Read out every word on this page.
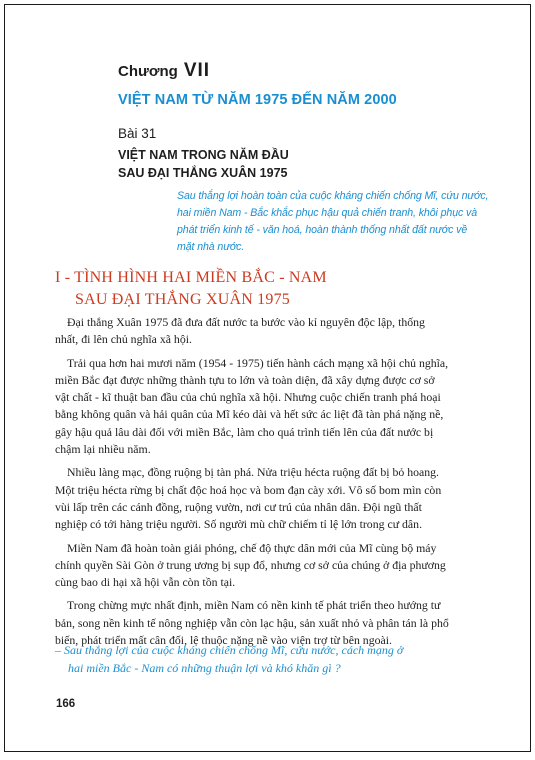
Chương VII
VIỆT NAM TỪ NĂM 1975 ĐẾN NĂM 2000
Bài 31
VIỆT NAM TRONG NĂM ĐẦU
SAU ĐẠI THẮNG XUÂN 1975
Sau thắng lợi hoàn toàn của cuộc kháng chiến chống Mĩ, cứu nước,
hai miền Nam - Bắc khắc phục hậu quả chiến tranh, khôi phục và
phát triển kinh tế - văn hoá, hoàn thành thống nhất đất nước về
mặt nhà nước.
I - TÌNH HÌNH HAI MIỀN BẮC - NAM
SAU ĐẠI THẮNG XUÂN 1975
Đại thắng Xuân 1975 đã đưa đất nước ta bước vào kỉ nguyên độc lập, thống
nhất, đi lên chủ nghĩa xã hội.
Trải qua hơn hai mươi năm (1954 - 1975) tiến hành cách mạng xã hội chủ nghĩa,
miền Bắc đạt được những thành tựu to lớn và toàn diện, đã xây dựng được cơ sở
vật chất - kĩ thuật ban đầu của chủ nghĩa xã hội. Nhưng cuộc chiến tranh phá hoại
bằng không quân và hải quân của Mĩ kéo dài và hết sức ác liệt đã tàn phá nặng nề,
gây hậu quả lâu dài đối với miền Bắc, làm cho quá trình tiến lên của đất nước bị
chậm lại nhiều năm.
Nhiều làng mạc, đồng ruộng bị tàn phá. Nửa triệu hécta ruộng đất bị bỏ hoang.
Một triệu hécta rừng bị chất độc hoá học và bom đạn cày xới. Vô số bom mìn còn
vùi lấp trên các cánh đồng, ruộng vườn, nơi cư trú của nhân dân. Đội ngũ thất
nghiệp có tới hàng triệu người. Số người mù chữ chiếm tỉ lệ lớn trong cư dân.
Miền Nam đã hoàn toàn giải phóng, chế độ thực dân mới của Mĩ cùng bộ máy
chính quyền Sài Gòn ở trung ương bị sụp đổ, nhưng cơ sở của chúng ở địa phương
cùng bao di hại xã hội vẫn còn tồn tại.
Trong chừng mực nhất định, miền Nam có nền kinh tế phát triển theo hướng tư
bản, song nền kinh tế nông nghiệp vẫn còn lạc hậu, sản xuất nhỏ và phân tán là phổ
biến, phát triển mất cân đối, lệ thuộc nặng nề vào viện trợ từ bên ngoài.
– Sau thắng lợi của cuộc kháng chiến chống Mĩ, cứu nước, cách mạng ở
hai miền Bắc - Nam có những thuận lợi và khó khăn gì ?
166
